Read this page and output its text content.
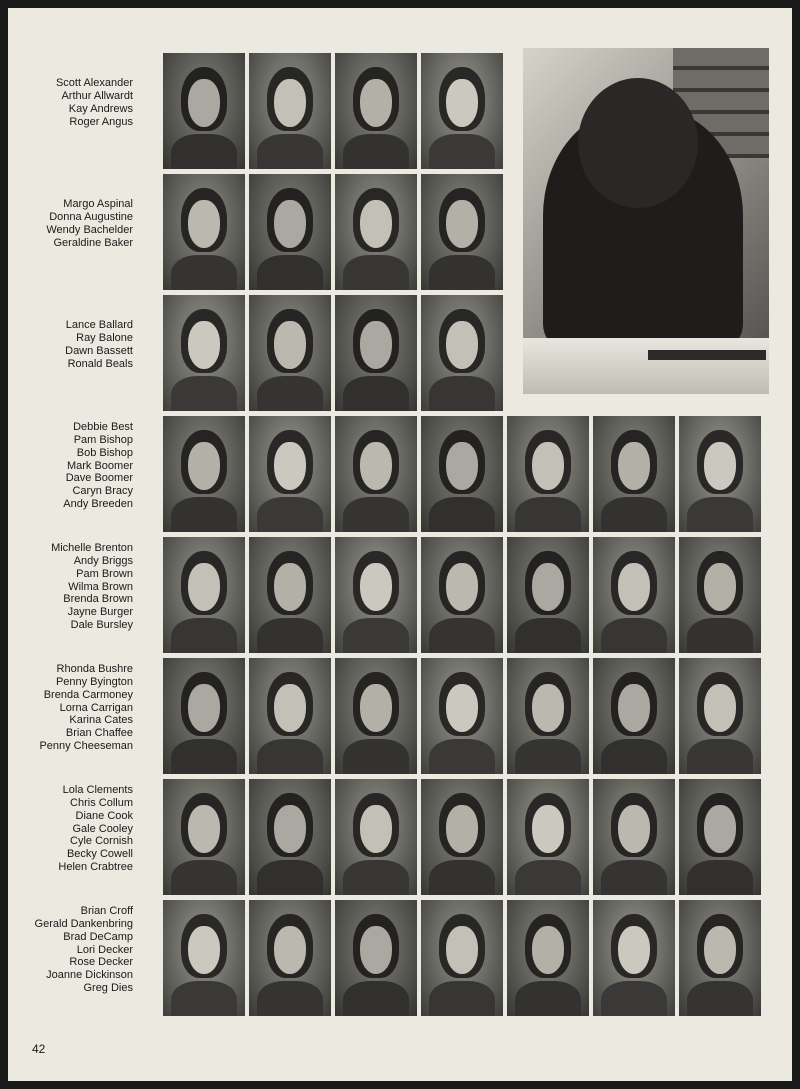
Scott Alexander
Arthur Allwardt
Kay Andrews
Roger Angus
Margo Aspinal
Donna Augustine
Wendy Bachelder
Geraldine Baker
Lance Ballard
Ray Balone
Dawn Bassett
Ronald Beals
Debbie Best
Pam Bishop
Bob Bishop
Mark Boomer
Dave Boomer
Caryn Bracy
Andy Breeden
Michelle Brenton
Andy Briggs
Pam Brown
Wilma Brown
Brenda Brown
Jayne Burger
Dale Bursley
Rhonda Bushre
Penny Byington
Brenda Carmoney
Lorna Carrigan
Karina Cates
Brian Chaffee
Penny Cheeseman
Lola Clements
Chris Collum
Diane Cook
Gale Cooley
Cyle Cornish
Becky Cowell
Helen Crabtree
Brian Croff
Gerald Dankenbring
Brad DeCamp
Lori Decker
Rose Decker
Joanne Dickinson
Greg Dies
42
